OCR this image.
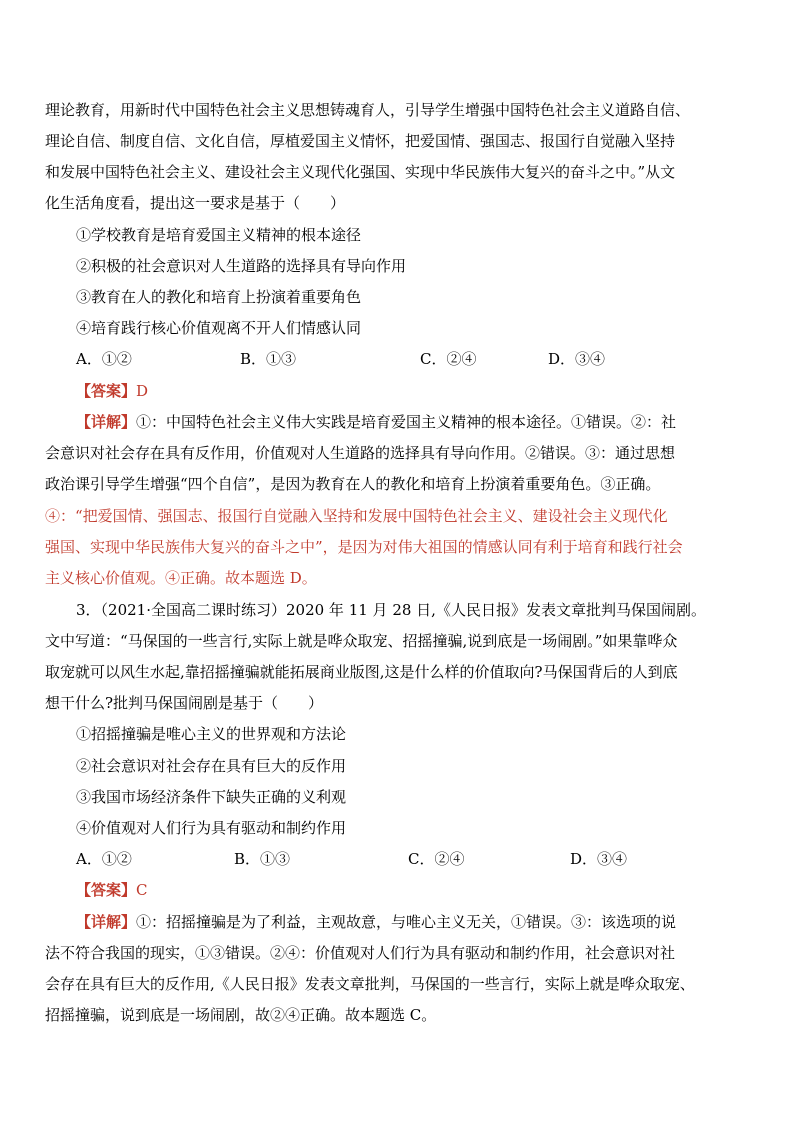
理论教育，用新时代中国特色社会主义思想铸魂育人，引导学生增强中国特色社会主义道路自信、
理论自信、制度自信、文化自信，厚植爱国主义情怀，把爱国情、强国志、报国行自觉融入坚持
和发展中国特色社会主义、建设社会主义现代化强国、实现中华民族伟大复兴的奋斗之中。”从文
化生活角度看，提出这一要求是基于（　　）
①学校教育是培育爱国主义精神的根本途径
②积极的社会意识对人生道路的选择具有导向作用
③教育在人的教化和培育上扮演着重要角色
④培育践行核心价值观离不开人们情感认同
A．①②	B．①③	C．②④	D．③④
【答案】D
【详解】①：中国特色社会主义伟大实践是培育爱国主义精神的根本途径。①错误。②：社
会意识对社会存在具有反作用，价值观对人生道路的选择具有导向作用。②错误。③：通过思想
政治课引导学生增强“四个自信”，是因为教育在人的教化和培育上扮演着重要角色。③正确。
④：“把爱国情、强国志、报国行自觉融入坚持和发展中国特色社会主义、建设社会主义现代化
强国、实现中华民族伟大复兴的奋斗之中”，是因为对伟大祖国的情感认同有利于培育和践行社会
主义核心价值观。④正确。故本题选 D。
3．（2021·全国高二课时练习）2020 年 11 月 28 日,《人民日报》发表文章批判马保国闹剧。
文中写道：“马保国的一些言行,实际上就是哗众取宠、招摇撞骗,说到底是一场闹剧。”如果靠哗众
取宠就可以风生水起,靠招摇撞骗就能拓展商业版图,这是什么样的价值取向?马保国背后的人到底
想干什么?批判马保国闹剧是基于（　　）
①招摇撞骗是唯心主义的世界观和方法论
②社会意识对社会存在具有巨大的反作用
③我国市场经济条件下缺失正确的义利观
④价值观对人们行为具有驱动和制约作用
A．①②	B．①③	C．②④	D．③④
【答案】C
【详解】①：招摇撞骗是为了利益，主观故意，与唯心主义无关，①错误。③：该选项的说
法不符合我国的现实，①③错误。②④：价值观对人们行为具有驱动和制约作用，社会意识对社
会存在具有巨大的反作用,《人民日报》发表文章批判，马保国的一些言行，实际上就是哗众取宠、
招摇撞骗，说到底是一场闹剧，故②④正确。故本题选 C。
